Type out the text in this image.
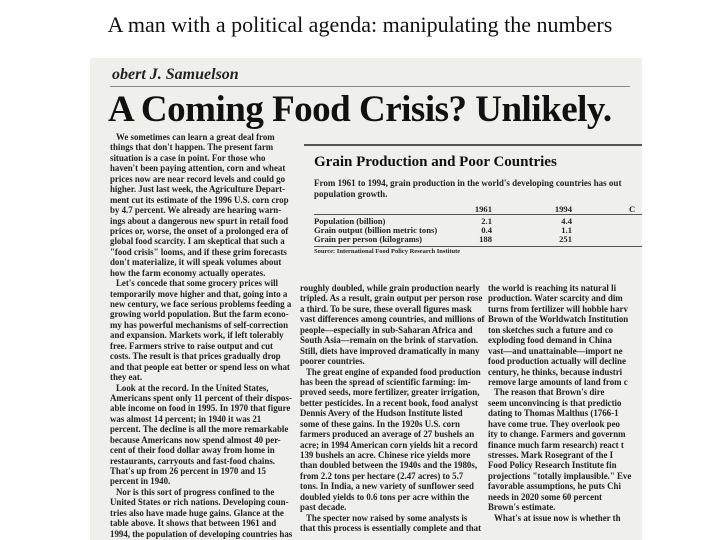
A man with a political agenda: manipulating the numbers
obert J. Samuelson
A Coming Food Crisis? Unlikely.
We sometimes can learn a great deal from
things that don't happen. The present farm
situation is a case in point. For those who
haven't been paying attention, corn and wheat
prices now are near record levels and could go
higher. Just last week, the Agriculture Depart-
ment cut its estimate of the 1996 U.S. corn crop
by 4.7 percent. We already are hearing warn-
ings about a dangerous new spurt in retail food
prices or, worse, the onset of a prolonged era of
global food scarcity. I am skeptical that such a
"food crisis" looms, and if these grim forecasts
don't materialize, it will speak volumes about
how the farm economy actually operates.
Let's concede that some grocery prices will
temporarily move higher and that, going into a
new century, we face serious problems feeding a
growing world population. But the farm econo-
my has powerful mechanisms of self-correction
and expansion. Markets work, if left tolerably
free. Farmers strive to raise output and cut
costs. The result is that prices gradually drop
and that people eat better or spend less on what
they eat.
Look at the record. In the United States,
Americans spent only 11 percent of their dispos-
able income on food in 1995. In 1970 that figure
was almost 14 percent; in 1940 it was 21
percent. The decline is all the more remarkable
because Americans now spend almost 40 per-
cent of their food dollar away from home in
restaurants, carryouts and fast-food chains.
That's up from 26 percent in 1970 and 15
percent in 1940.
Nor is this sort of progress confined to the
United States or rich nations. Developing coun-
tries also have made huge gains. Glance at the
table above. It shows that between 1961 and
1994, the population of developing countries has
roughly doubled, while grain production nearly
tripled. As a result, grain output per person rose
a third. To be sure, these overall figures mask
vast differences among countries, and millions of
people—especially in sub-Saharan Africa and
South Asia—remain on the brink of starvation.
Still, diets have improved dramatically in many
poorer countries.
The great engine of expanded food production
has been the spread of scientific farming: im-
proved seeds, more fertilizer, greater irrigation,
better pesticides. In a recent book, food analyst
Dennis Avery of the Hudson Institute listed
some of these gains. In the 1920s U.S. corn
farmers produced an average of 27 bushels an
acre; in 1994 American corn yields hit a record
139 bushels an acre. Chinese rice yields more
than doubled between the 1940s and the 1980s,
from 2.2 tons per hectare (2.47 acres) to 5.7
tons. In India, a new variety of sunflower seed
doubled yields to 0.6 tons per acre within the
past decade.
The specter now raised by some analysts is
that this process is essentially complete and that
the world is reaching its natural li
production. Water scarcity and dim
turns from fertilizer will hobble harv
Brown of the Worldwatch Institution
ton sketches such a future and co
exploding food demand in China
vast—and unattainable—import ne
food production actually will decline
century, he thinks, because industri
remove large amounts of land from c
The reason that Brown's dire
seem unconvincing is that predictio
dating to Thomas Malthus (1766-1
have come true. They overlook peo
ity to change. Farmers and governm
finance much farm research) react t
stresses. Mark Rosegrant of the I
Food Policy Research Institute fin
projections "totally implausible." Eve
favorable assumptions, he puts Chi
needs in 2020 some 60 percent
Brown's estimate.
What's at issue now is whether th
Grain Production and Poor Countries
From 1961 to 1994, grain production in the world's developing countries has out
population growth.
1961	1994	C
Population (billion)	2.1	4.4
Grain output (billion metric tons)	0.4	1.1
Grain per person (kilograms)	188	251
Source: International Food Policy Research Institute
